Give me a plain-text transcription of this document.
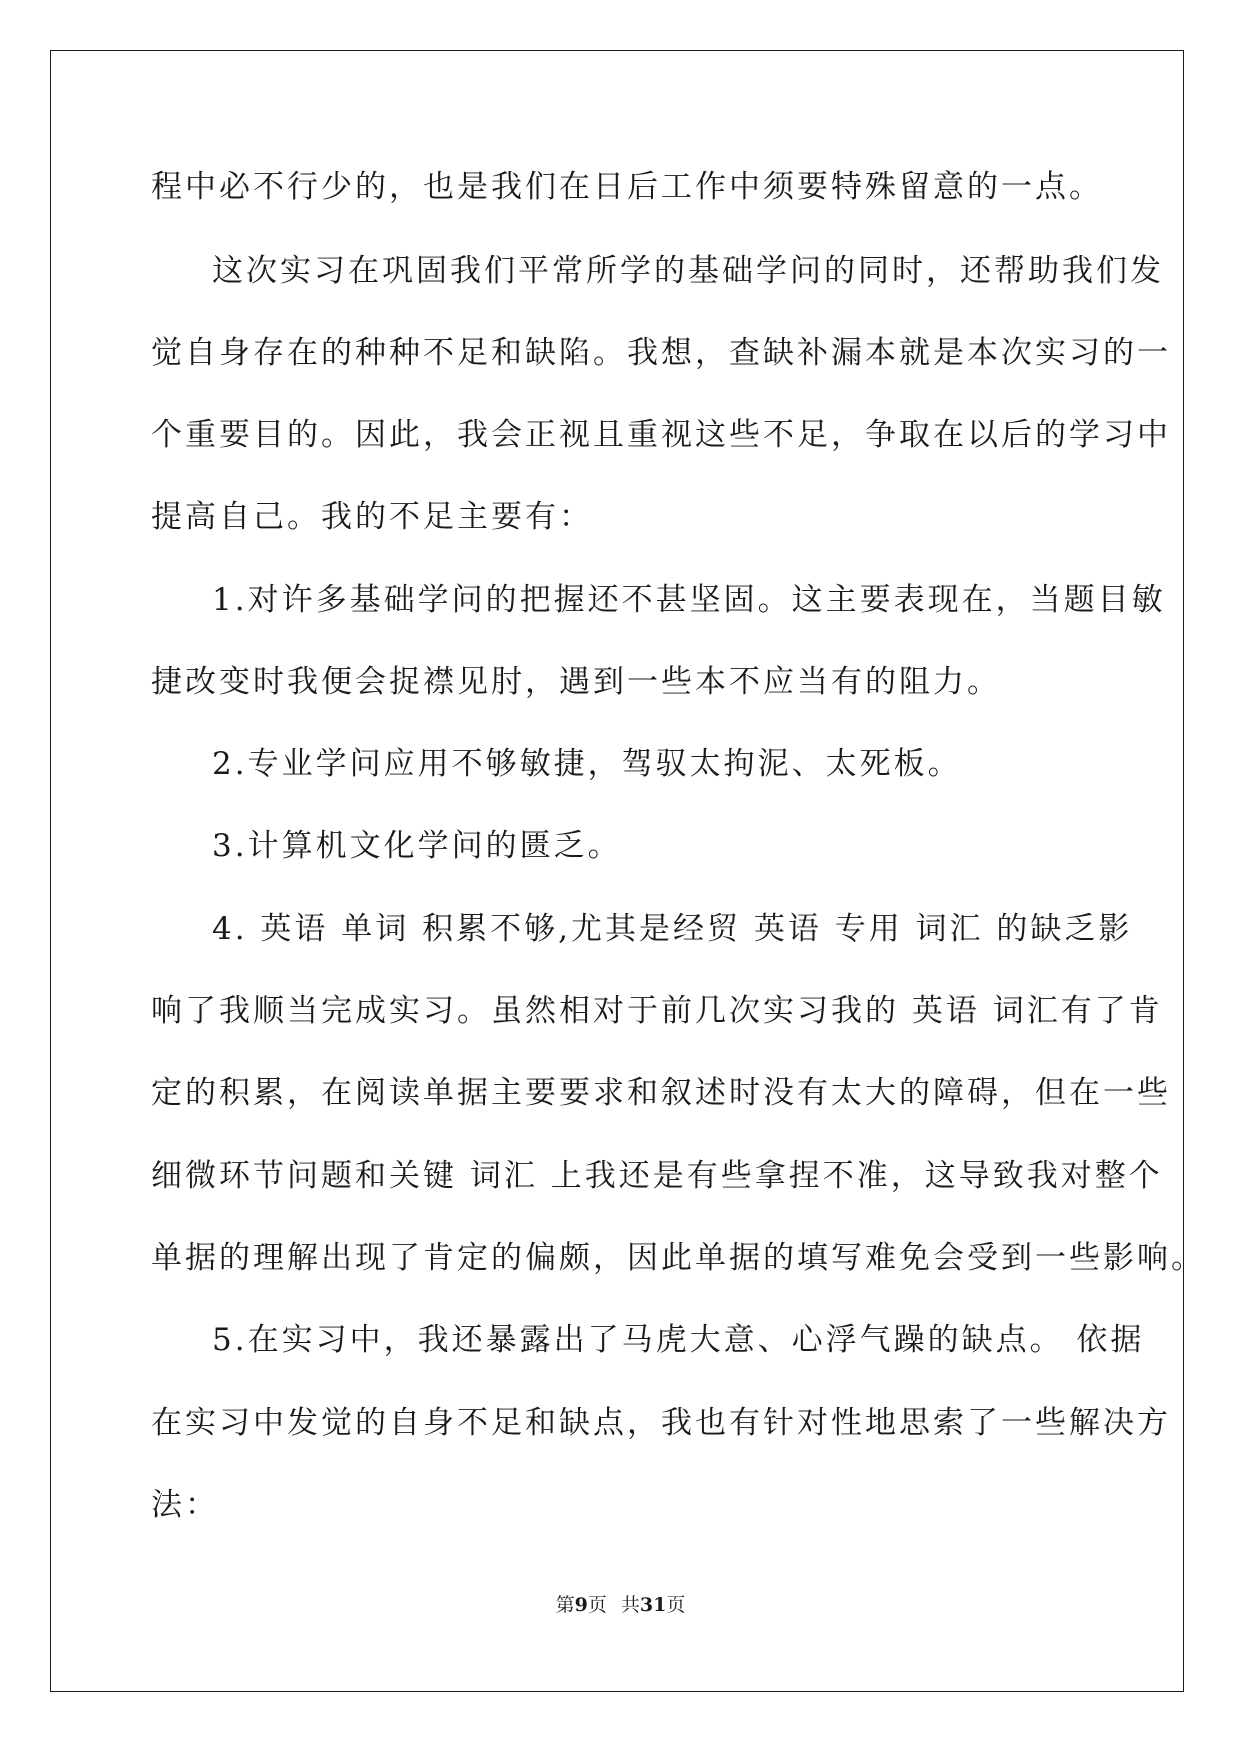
程中必不行少的，也是我们在日后工作中须要特殊留意的一点。
这次实习在巩固我们平常所学的基础学问的同时，还帮助我们发
觉自身存在的种种不足和缺陷。我想，查缺补漏本就是本次实习的一
个重要目的。因此，我会正视且重视这些不足，争取在以后的学习中
提高自己。我的不足主要有：
1.对许多基础学问的把握还不甚坚固。这主要表现在，当题目敏
捷改变时我便会捉襟见肘，遇到一些本不应当有的阻力。
2.专业学问应用不够敏捷，驾驭太拘泥、太死板。
3.计算机文化学问的匮乏。
4. 英语 单词 积累不够,尤其是经贸 英语 专用 词汇 的缺乏影
响了我顺当完成实习。虽然相对于前几次实习我的 英语 词汇有了肯
定的积累，在阅读单据主要要求和叙述时没有太大的障碍，但在一些
细微环节问题和关键 词汇 上我还是有些拿捏不准，这导致我对整个
单据的理解出现了肯定的偏颇，因此单据的填写难免会受到一些影响。
5.在实习中，我还暴露出了马虎大意、心浮气躁的缺点。 依据
在实习中发觉的自身不足和缺点，我也有针对性地思索了一些解决方
法：
第9页 共31页
